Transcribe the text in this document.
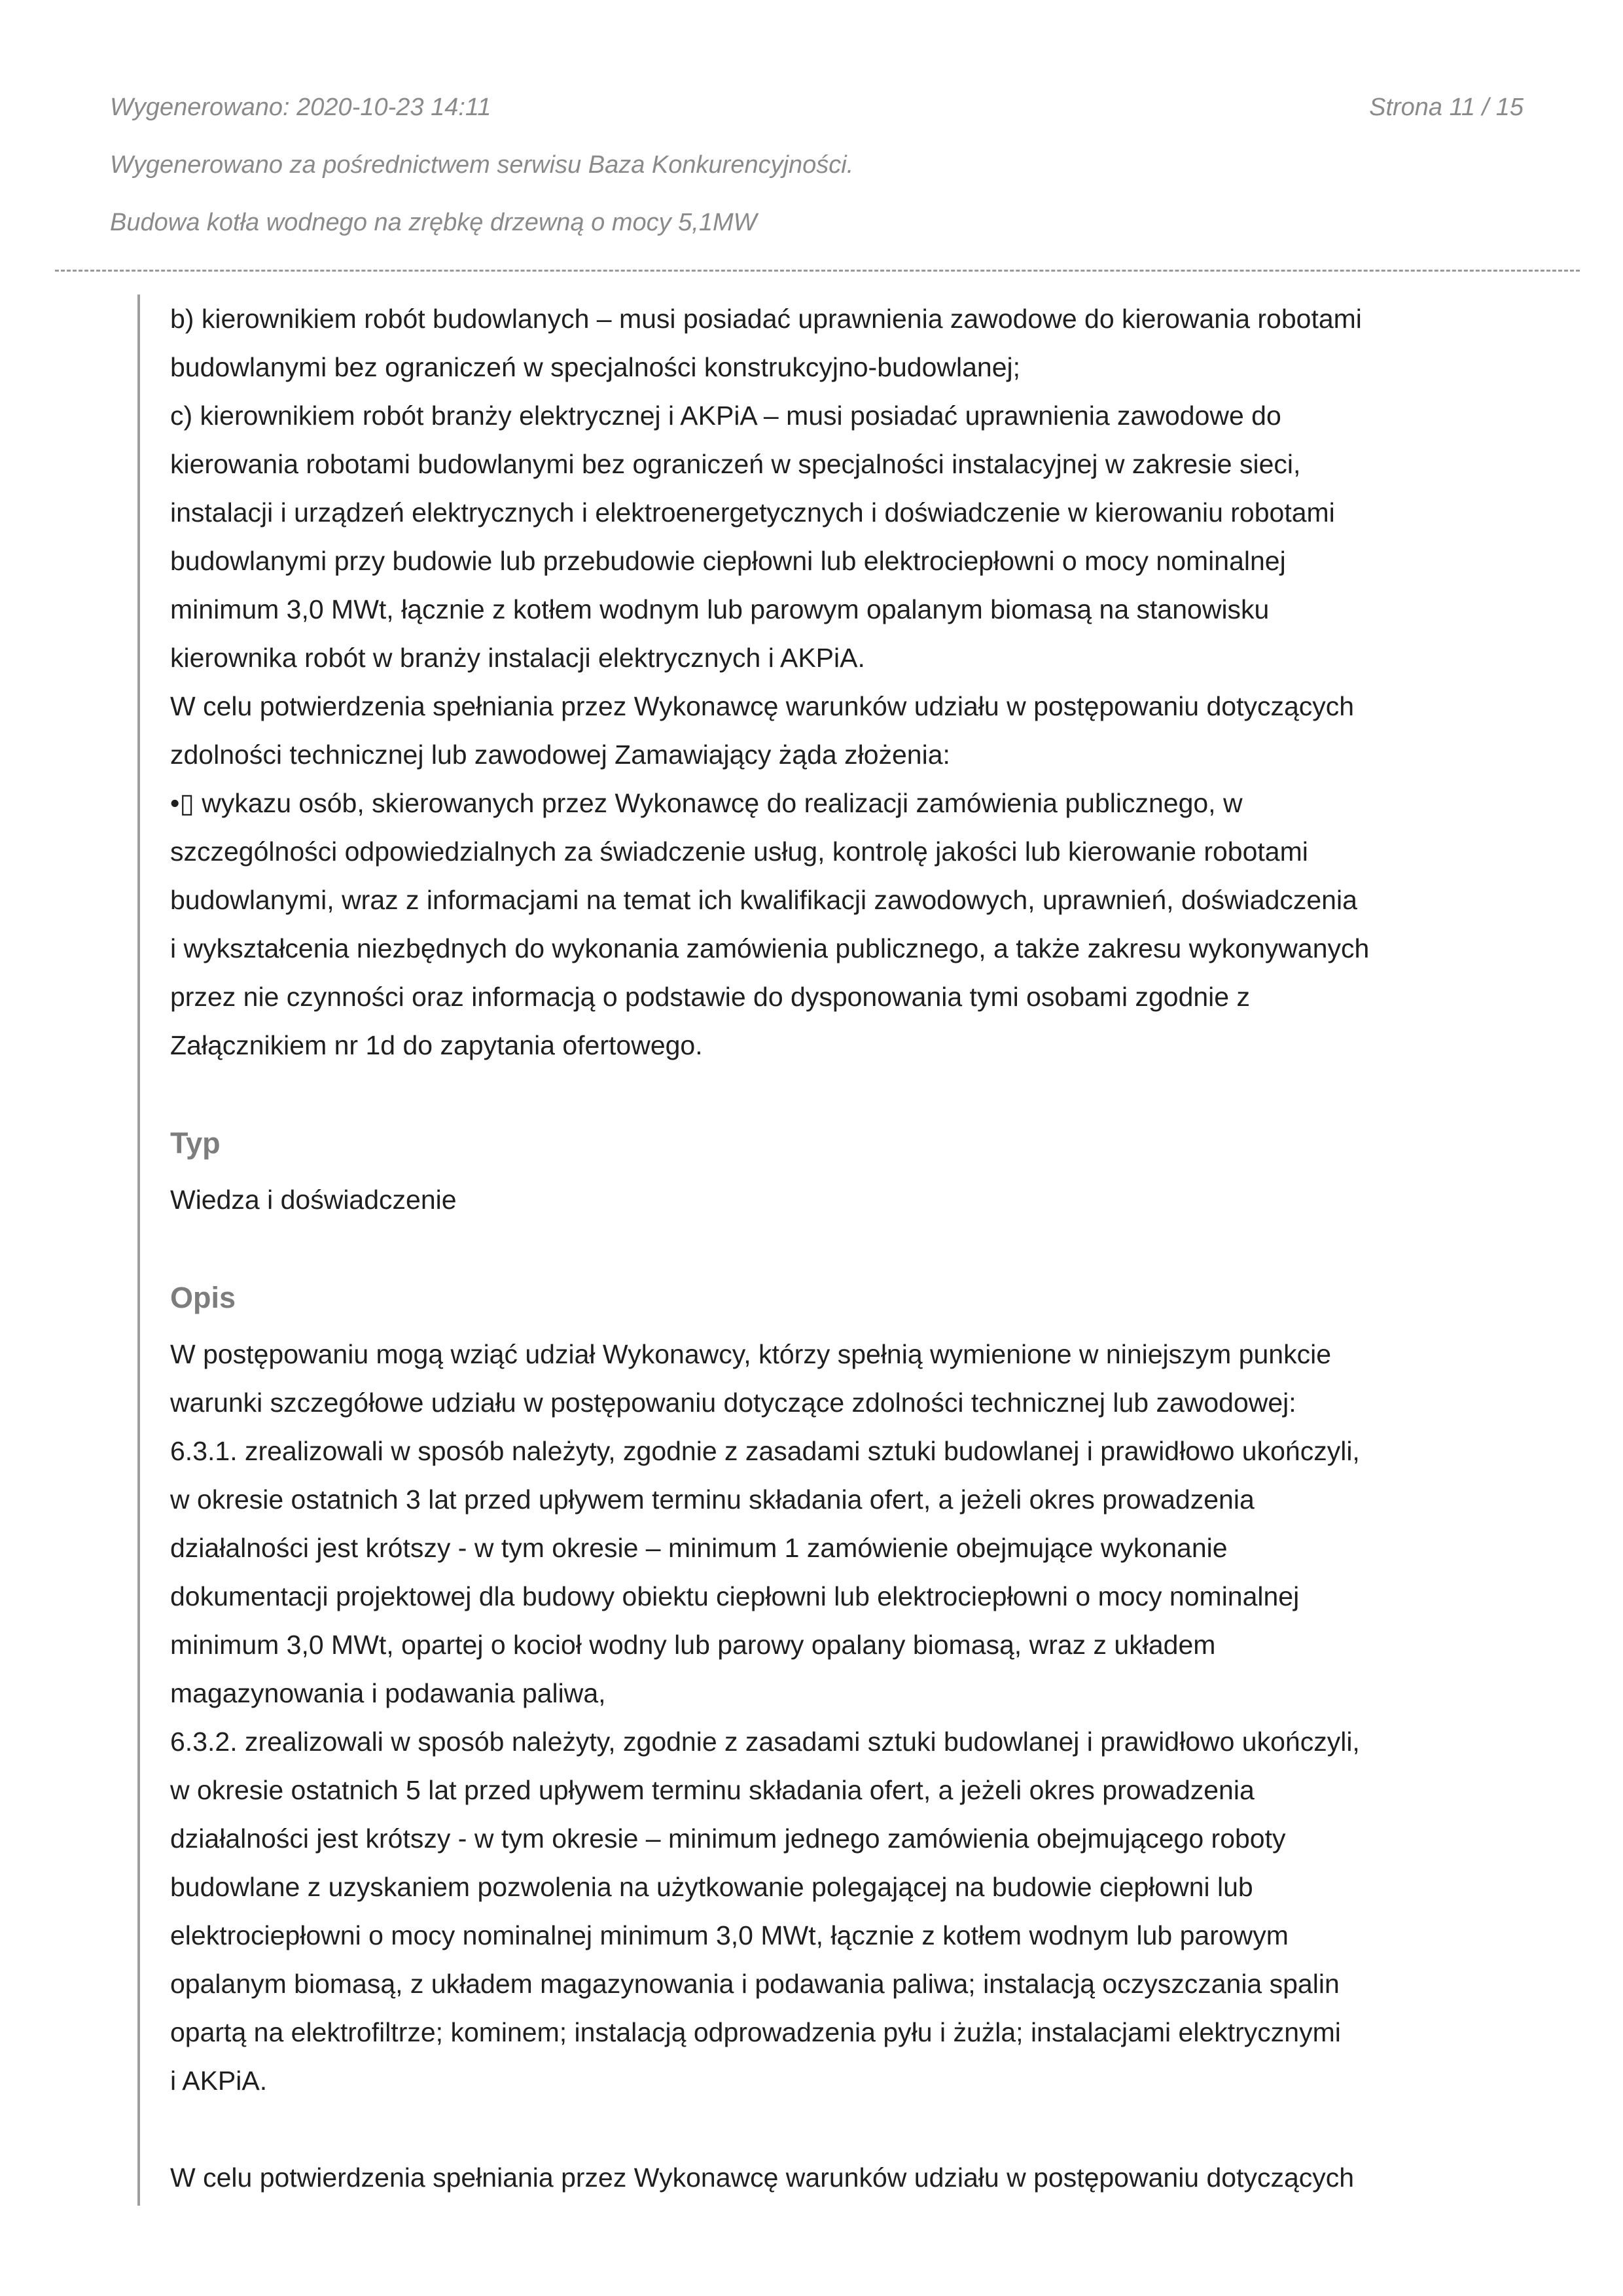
Wygenerowano: 2020-10-23 14:11	Strona 11 / 15
Wygenerowano za pośrednictwem serwisu Baza Konkurencyjności.
Budowa kotła wodnego na zrębkę drzewną o mocy 5,1MW

b) kierownikiem robót budowlanych – musi posiadać uprawnienia zawodowe do kierowania robotami
budowlanymi bez ograniczeń w specjalności konstrukcyjno-budowlanej;
c) kierownikiem robót branży elektrycznej i AKPiA – musi posiadać uprawnienia zawodowe do
kierowania robotami budowlanymi bez ograniczeń w specjalności instalacyjnej w zakresie sieci,
instalacji i urządzeń elektrycznych i elektroenergetycznych i doświadczenie w kierowaniu robotami
budowlanymi przy budowie lub przebudowie ciepłowni lub elektrociepłowni o mocy nominalnej
minimum 3,0 MWt, łącznie z kotłem wodnym lub parowym opalanym biomasą na stanowisku
kierownika robót w branży instalacji elektrycznych i AKPiA.
W celu potwierdzenia spełniania przez Wykonawcę warunków udziału w postępowaniu dotyczących
zdolności technicznej lub zawodowej Zamawiający żąda złożenia:
•▯ wykazu osób, skierowanych przez Wykonawcę do realizacji zamówienia publicznego, w
szczególności odpowiedzialnych za świadczenie usług, kontrolę jakości lub kierowanie robotami
budowlanymi, wraz z informacjami na temat ich kwalifikacji zawodowych, uprawnień, doświadczenia
i wykształcenia niezbędnych do wykonania zamówienia publicznego, a także zakresu wykonywanych
przez nie czynności oraz informacją o podstawie do dysponowania tymi osobami zgodnie z
Załącznikiem nr 1d do zapytania ofertowego.

Typ

Wiedza i doświadczenie

Opis

W postępowaniu mogą wziąć udział Wykonawcy, którzy spełnią wymienione w niniejszym punkcie
warunki szczegółowe udziału w postępowaniu dotyczące zdolności technicznej lub zawodowej:
6.3.1. zrealizowali w sposób należyty, zgodnie z zasadami sztuki budowlanej i prawidłowo ukończyli,
w okresie ostatnich 3 lat przed upływem terminu składania ofert, a jeżeli okres prowadzenia
działalności jest krótszy - w tym okresie – minimum 1 zamówienie obejmujące wykonanie
dokumentacji projektowej dla budowy obiektu ciepłowni lub elektrociepłowni o mocy nominalnej
minimum 3,0 MWt, opartej o kocioł wodny lub parowy opalany biomasą, wraz z układem
magazynowania i podawania paliwa,
6.3.2. zrealizowali w sposób należyty, zgodnie z zasadami sztuki budowlanej i prawidłowo ukończyli,
w okresie ostatnich 5 lat przed upływem terminu składania ofert, a jeżeli okres prowadzenia
działalności jest krótszy - w tym okresie – minimum jednego zamówienia obejmującego roboty
budowlane z uzyskaniem pozwolenia na użytkowanie polegającej na budowie ciepłowni lub
elektrociepłowni o mocy nominalnej minimum 3,0 MWt, łącznie z kotłem wodnym lub parowym
opalanym biomasą, z układem magazynowania i podawania paliwa; instalacją oczyszczania spalin
opartą na elektrofiltrze; kominem; instalacją odprowadzenia pyłu i żużla; instalacjami elektrycznymi
i AKPiA.

W celu potwierdzenia spełniania przez Wykonawcę warunków udziału w postępowaniu dotyczących
